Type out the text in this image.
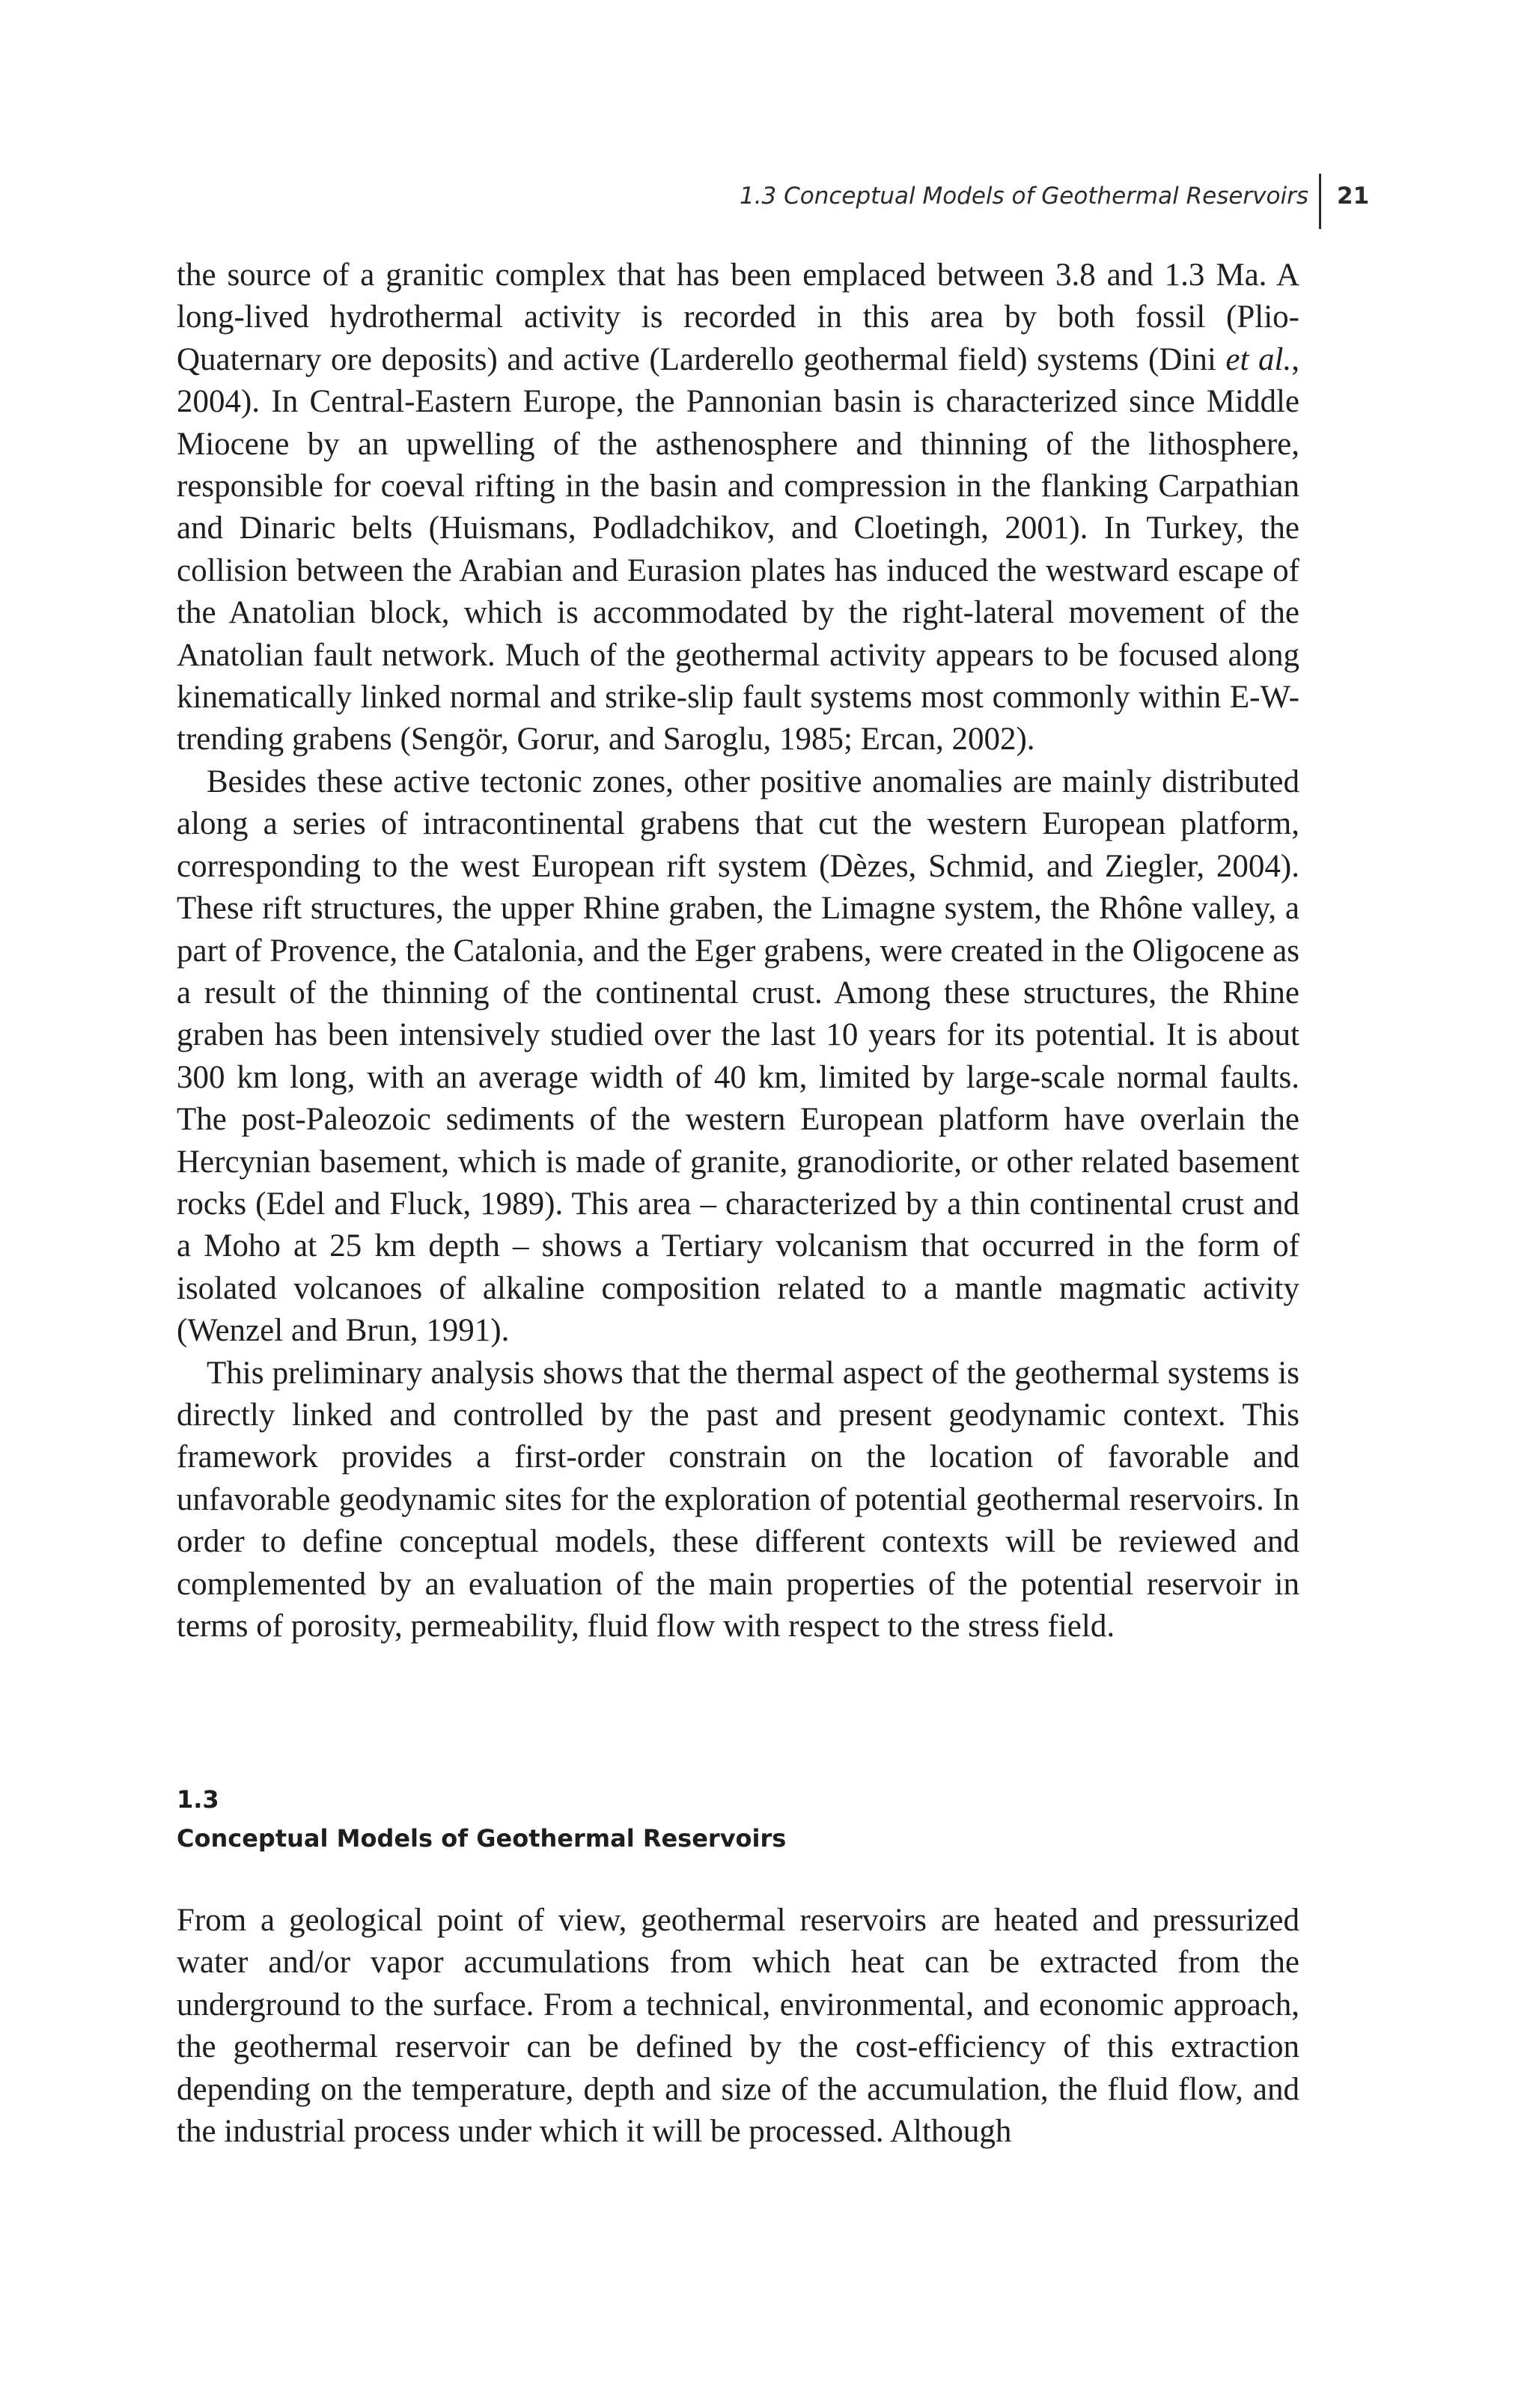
1.3 Conceptual Models of Geothermal Reservoirs 21

the source of a granitic complex that has been emplaced between 3.8 and 1.3 Ma. A long-lived hydrothermal activity is recorded in this area by both fossil (Plio-Quaternary ore deposits) and active (Larderello geothermal field) systems (Dini et al., 2004). In Central-Eastern Europe, the Pannonian basin is characterized since Middle Miocene by an upwelling of the asthenosphere and thinning of the lithosphere, responsible for coeval rifting in the basin and compression in the flanking Carpathian and Dinaric belts (Huismans, Podladchikov, and Cloetingh, 2001). In Turkey, the collision between the Arabian and Eurasion plates has induced the westward escape of the Anatolian block, which is accommodated by the right-lateral movement of the Anatolian fault network. Much of the geothermal activity appears to be focused along kinematically linked normal and strike-slip fault systems most commonly within E-W-trending grabens (Sengör, Gorur, and Saroglu, 1985; Ercan, 2002).

Besides these active tectonic zones, other positive anomalies are mainly distributed along a series of intracontinental grabens that cut the western European platform, corresponding to the west European rift system (Dèzes, Schmid, and Ziegler, 2004). These rift structures, the upper Rhine graben, the Limagne system, the Rhône valley, a part of Provence, the Catalonia, and the Eger grabens, were created in the Oligocene as a result of the thinning of the continental crust. Among these structures, the Rhine graben has been intensively studied over the last 10 years for its potential. It is about 300 km long, with an average width of 40 km, limited by large-scale normal faults. The post-Paleozoic sediments of the western European platform have overlain the Hercynian basement, which is made of granite, granodiorite, or other related basement rocks (Edel and Fluck, 1989). This area – characterized by a thin continental crust and a Moho at 25 km depth – shows a Tertiary volcanism that occurred in the form of isolated volcanoes of alkaline composition related to a mantle magmatic activity (Wenzel and Brun, 1991).

This preliminary analysis shows that the thermal aspect of the geothermal systems is directly linked and controlled by the past and present geodynamic context. This framework provides a first-order constrain on the location of favorable and unfavorable geodynamic sites for the exploration of potential geothermal reservoirs. In order to define conceptual models, these different contexts will be reviewed and complemented by an evaluation of the main properties of the potential reservoir in terms of porosity, permeability, fluid flow with respect to the stress field.

1.3
Conceptual Models of Geothermal Reservoirs

From a geological point of view, geothermal reservoirs are heated and pressurized water and/or vapor accumulations from which heat can be extracted from the underground to the surface. From a technical, environmental, and economic approach, the geothermal reservoir can be defined by the cost-efficiency of this extraction depending on the temperature, depth and size of the accumulation, the fluid flow, and the industrial process under which it will be processed. Although
